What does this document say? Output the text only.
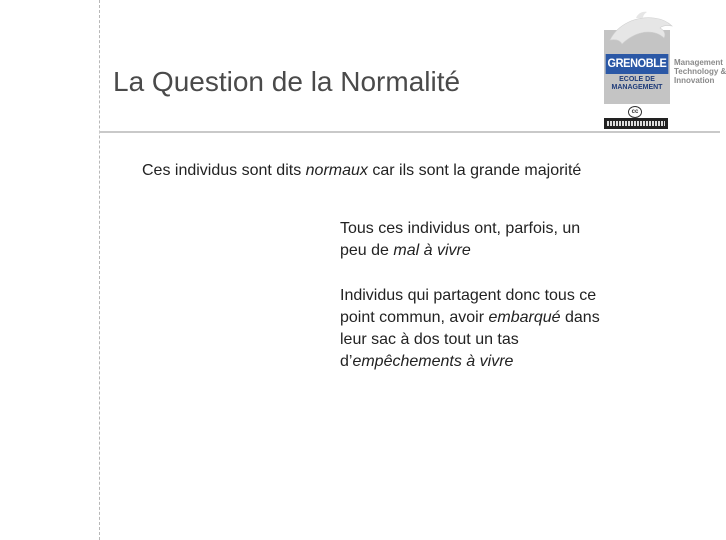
La Question de la Normalité
GRENOBLE
ECOLE DE
MANAGEMENT
Management
Technology &
Innovation
cc

Ces individus sont dits normaux car ils sont la grande majorité

Tous ces individus ont, parfois, un

peu de mal à vivre

Individus qui partagent donc tous ce

point commun, avoir embarqué dans

leur sac à dos tout un tas

d’empêchements à vivre
